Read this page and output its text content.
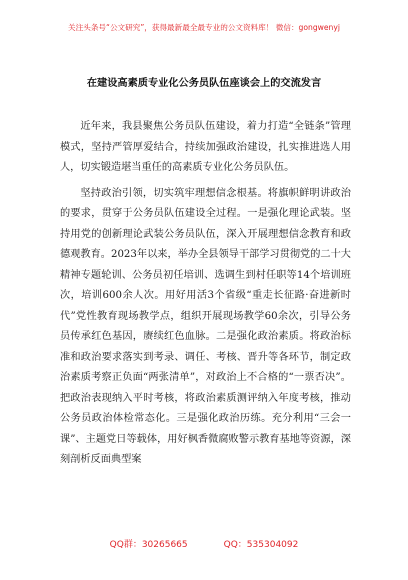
关注头条号“公文研究”，获得最新最全最专业的公文资料库！ 微信：gongwenyj
在建设高素质专业化公务员队伍座谈会上的交流发言

近年来，我县聚焦公务员队伍建设，着力打造“全链条”管理模式，坚持严管厚爱结合，持续加强政治建设，扎实推进选人用人，切实锻造堪当重任的高素质专业化公务员队伍。

坚持政治引领，切实筑牢理想信念根基。将旗帜鲜明讲政治的要求，贯穿于公务员队伍建设全过程。一是强化理论武装。坚持用党的创新理论武装公务员队伍，深入开展理想信念教育和政德观教育。2023年以来，举办全县领导干部学习贯彻党的二十大精神专题轮训、公务员初任培训、选调生到村任职等14个培训班次，培训600余人次。用好用活3个省级“重走长征路·奋进新时代”党性教育现场教学点，组织开展现场教学60余次，引导公务员传承红色基因，赓续红色血脉。二是强化政治素质。将政治标准和政治要求落实到考录、调任、考核、晋升等各环节，制定政治素质考察正负面“两张清单”，对政治上不合格的“一票否决”。把政治表现纳入平时考核，将政治素质测评纳入年度考核，推动公务员政治体检常态化。三是强化政治历练。充分利用“三会一课”、主题党日等载体，用好枫香微腐败警示教育基地等资源，深刻剖析反面典型案

QQ群：30265665	QQ：535304092
